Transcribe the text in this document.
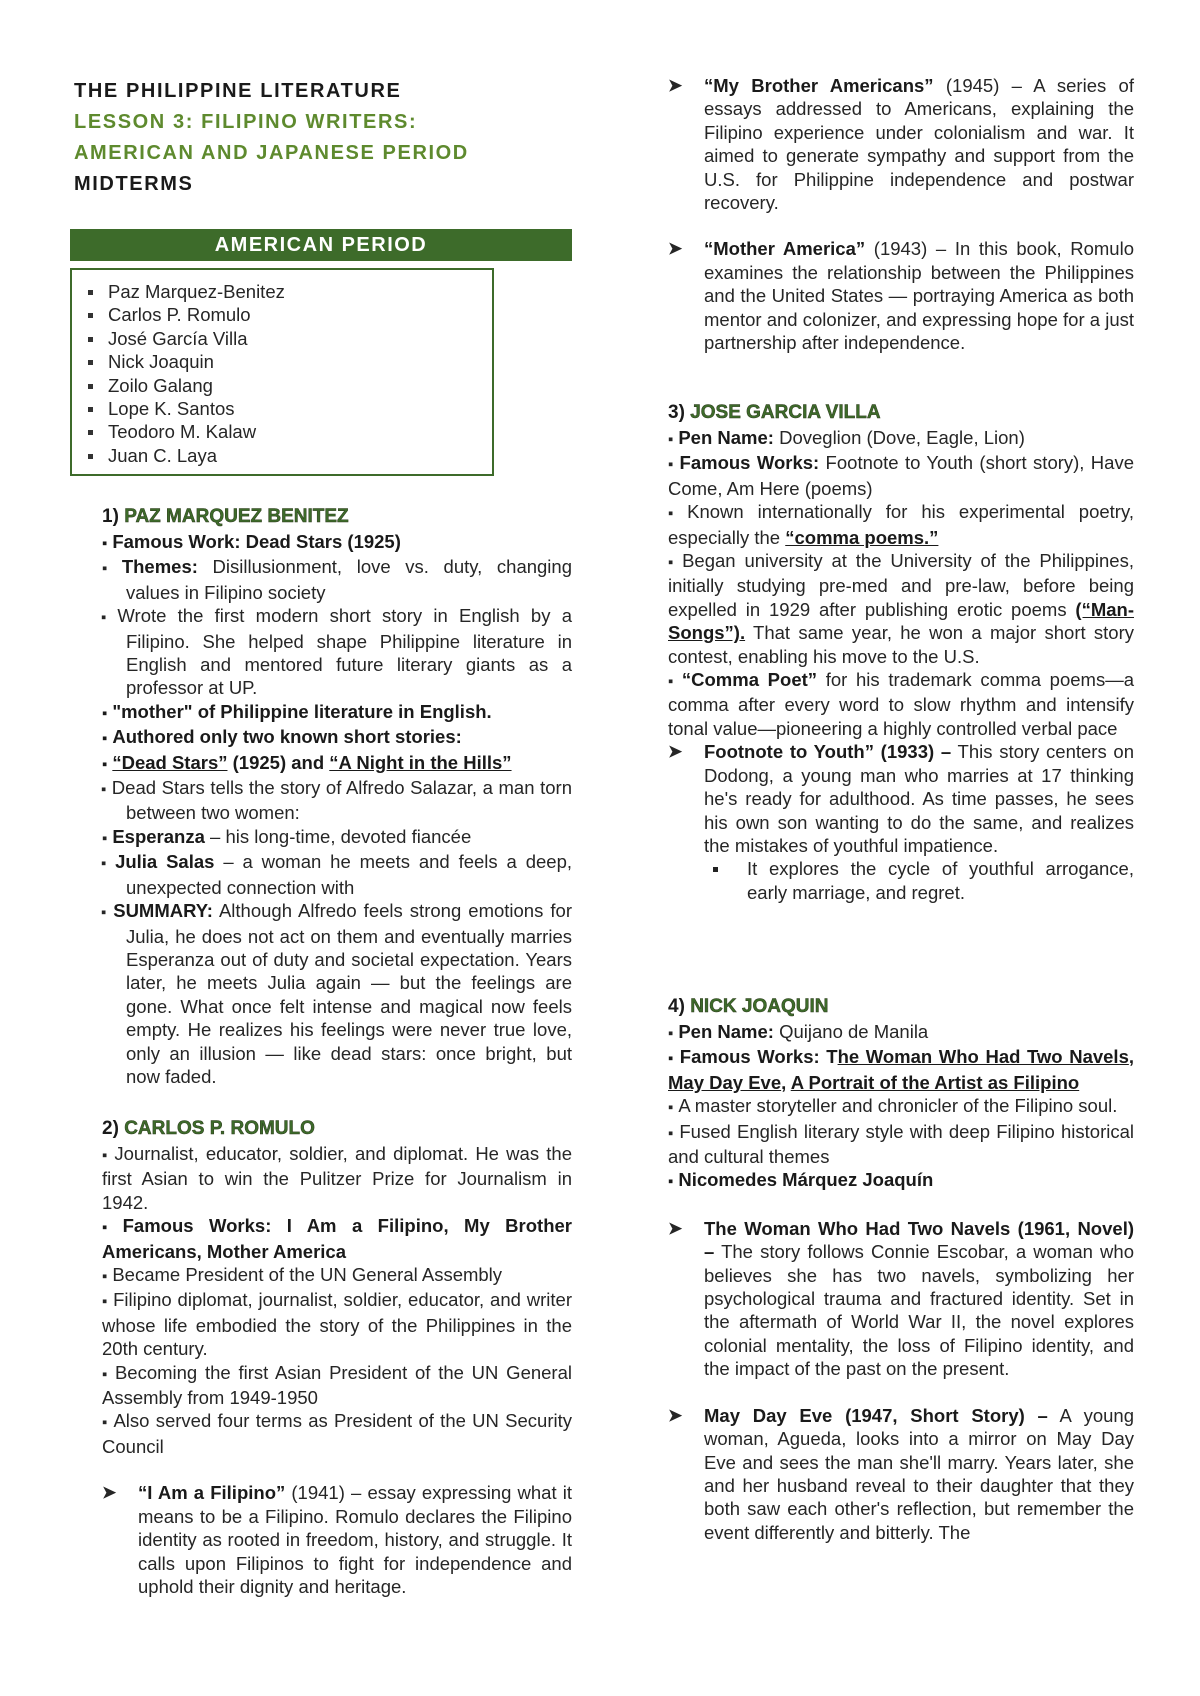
THE PHILIPPINE LITERATURE
LESSON 3: FILIPINO WRITERS:
AMERICAN AND JAPANESE PERIOD
MIDTERMS
AMERICAN PERIOD
Paz Marquez-Benitez
Carlos P. Romulo
José García Villa
Nick Joaquin
Zoilo Galang
Lope K. Santos
Teodoro M. Kalaw
Juan C. Laya
1) PAZ MARQUEZ BENITEZ

▪ Famous Work: Dead Stars (1925)

▪ Themes: Disillusionment, love vs. duty, changing values in Filipino society

▪ Wrote the first modern short story in English by a Filipino. She helped shape Philippine literature in English and mentored future literary giants as a professor at UP.

▪ "mother" of Philippine literature in English.

▪ Authored only two known short stories:

▪ “Dead Stars” (1925) and “A Night in the Hills”

▪ Dead Stars tells the story of Alfredo Salazar, a man torn between two women:

▪ Esperanza – his long-time, devoted fiancée

▪ Julia Salas – a woman he meets and feels a deep, unexpected connection with

▪ SUMMARY: Although Alfredo feels strong emotions for Julia, he does not act on them and eventually marries Esperanza out of duty and societal expectation. Years later, he meets Julia again — but the feelings are gone. What once felt intense and magical now feels empty. He realizes his feelings were never true love, only an illusion — like dead stars: once bright, but now faded.

2) CARLOS P. ROMULO

▪ Journalist, educator, soldier, and diplomat. He was the first Asian to win the Pulitzer Prize for Journalism in 1942.

▪ Famous Works: I Am a Filipino, My Brother Americans, Mother America

▪ Became President of the UN General Assembly

▪ Filipino diplomat, journalist, soldier, educator, and writer whose life embodied the story of the Philippines in the 20th century.

▪ Becoming the first Asian President of the UN General Assembly from 1949-1950

▪ Also served four terms as President of the UN Security Council

➤ “I Am a Filipino” (1941) – essay expressing what it means to be a Filipino. Romulo declares the Filipino identity as rooted in freedom, history, and struggle. It calls upon Filipinos to fight for independence and uphold their dignity and heritage.

➤ “My Brother Americans” (1945) – A series of essays addressed to Americans, explaining the Filipino experience under colonialism and war. It aimed to generate sympathy and support from the U.S. for Philippine independence and postwar recovery.

➤ “Mother America” (1943) – In this book, Romulo examines the relationship between the Philippines and the United States — portraying America as both mentor and colonizer, and expressing hope for a just partnership after independence.

3) JOSE GARCIA VILLA

▪ Pen Name: Doveglion (Dove, Eagle, Lion)

▪ Famous Works: Footnote to Youth (short story), Have Come, Am Here (poems)

▪ Known internationally for his experimental poetry, especially the “comma poems.”

▪ Began university at the University of the Philippines, initially studying pre-med and pre-law, before being expelled in 1929 after publishing erotic poems (“Man-Songs”). That same year, he won a major short story contest, enabling his move to the U.S.

▪ “Comma Poet” for his trademark comma poems—a comma after every word to slow rhythm and intensify tonal value—pioneering a highly controlled verbal pace

➤ Footnote to Youth” (1933) – This story centers on Dodong, a young man who marries at 17 thinking he's ready for adulthood. As time passes, he sees his own son wanting to do the same, and realizes the mistakes of youthful impatience.

It explores the cycle of youthful arrogance, early marriage, and regret.

4) NICK JOAQUIN

▪ Pen Name: Quijano de Manila

▪ Famous Works: The Woman Who Had Two Navels, May Day Eve, A Portrait of the Artist as Filipino

▪ A master storyteller and chronicler of the Filipino soul.

▪ Fused English literary style with deep Filipino historical and cultural themes

▪ Nicomedes Márquez Joaquín

➤ The Woman Who Had Two Navels (1961, Novel) – The story follows Connie Escobar, a woman who believes she has two navels, symbolizing her psychological trauma and fractured identity. Set in the aftermath of World War II, the novel explores colonial mentality, the loss of Filipino identity, and the impact of the past on the present.

➤ May Day Eve (1947, Short Story) – A young woman, Agueda, looks into a mirror on May Day Eve and sees the man she'll marry. Years later, she and her husband reveal to their daughter that they both saw each other's reflection, but remember the event differently and bitterly. The
